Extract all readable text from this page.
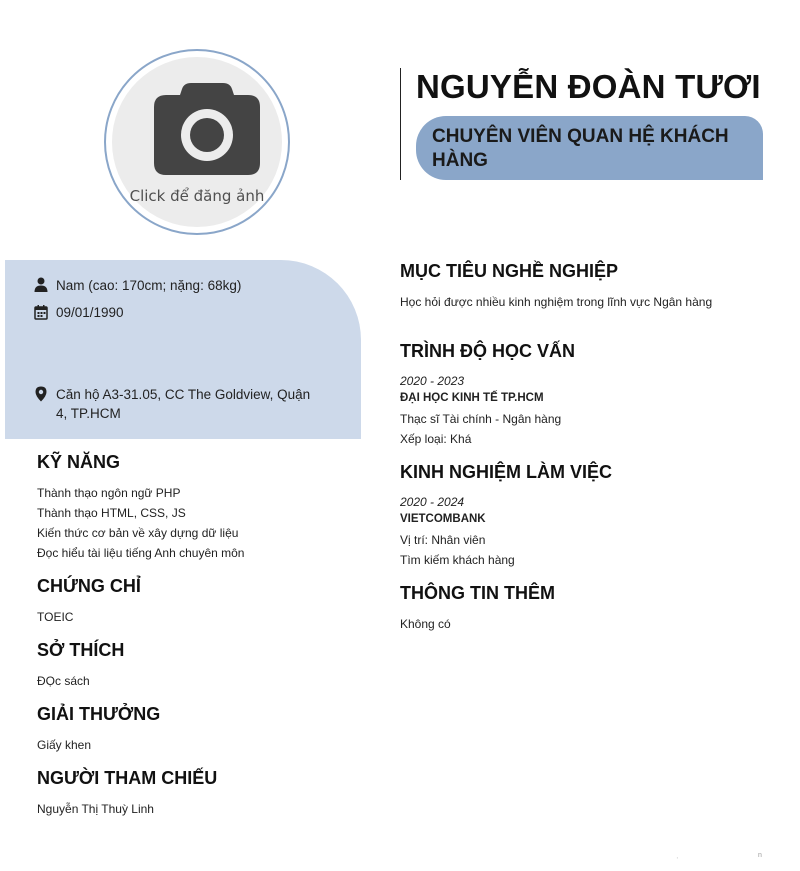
Click để đăng ảnh
NGUYỄN ĐOÀN TƯƠI
CHUYÊN VIÊN QUAN HỆ KHÁCH HÀNG
Nam (cao: 170cm; nặng: 68kg)
09/01/1990
Căn hộ A3-31.05, CC The Goldview, Quận 4, TP.HCM
KỸ NĂNG
Thành thạo ngôn ngữ PHP
Thành thạo HTML, CSS, JS
Kiến thức cơ bản về xây dựng dữ liệu
Đọc hiểu tài liệu tiếng Anh chuyên môn
CHỨNG CHỈ
TOEIC
SỞ THÍCH
ĐỌc sách
GIẢI THƯỞNG
Giấy khen
NGƯỜI THAM CHIẾU
Nguyễn Thị Thuỳ Linh
MỤC TIÊU NGHỀ NGHIỆP
Học hỏi được nhiều kinh nghiệm trong lĩnh vực Ngân hàng
TRÌNH ĐỘ HỌC VẤN
2020 - 2023
ĐẠI HỌC KINH TẾ TP.HCM
Thạc sĩ Tài chính - Ngân hàng
Xếp loại: Khá
KINH NGHIỆM LÀM VIỆC
2020 - 2024
VIETCOMBANK
Vị trí: Nhân viên
Tìm kiếm khách hàng
THÔNG TIN THÊM
Không có
ˌ	n
